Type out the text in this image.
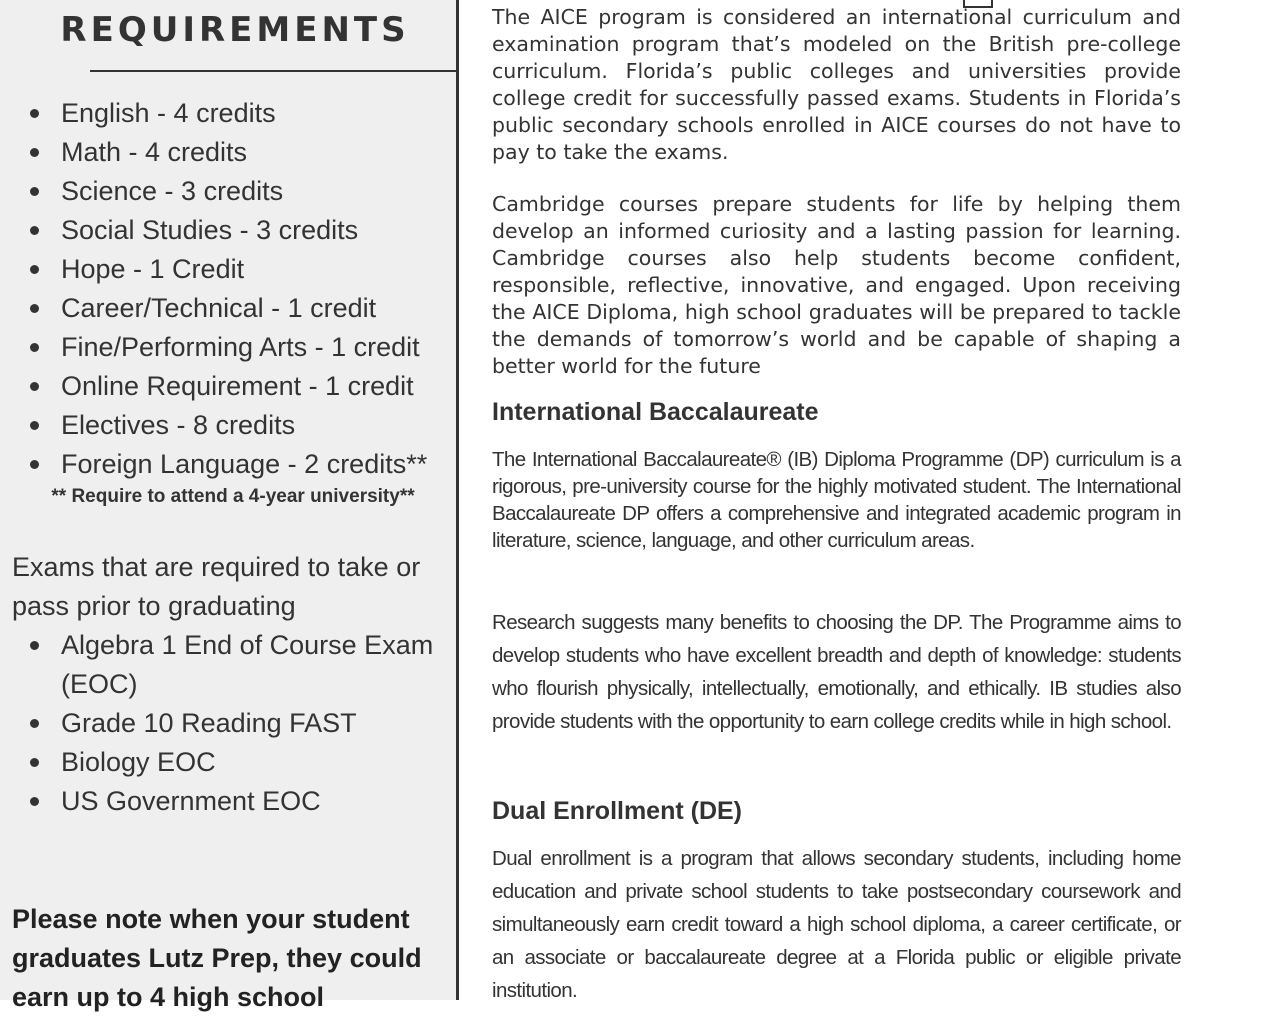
REQUIREMENTS
English - 4 credits
Math - 4 credits
Science - 3 credits
Social Studies - 3 credits
Hope - 1 Credit
Career/Technical - 1 credit
Fine/Performing Arts - 1 credit
Online Requirement - 1 credit
Electives - 8 credits
Foreign Language - 2 credits**
** Require to attend a 4-year university**
Exams that are required to take or pass prior to graduating
Algebra 1 End of Course Exam (EOC)
Grade 10 Reading FAST
Biology EOC
US Government EOC
Please note when your student graduates Lutz Prep, they could earn up to 4 high school

The AICE program is considered an international curriculum and examination program that’s modeled on the British pre-college curriculum. Florida’s public colleges and universities provide college credit for successfully passed exams. Students in Florida’s public secondary schools enrolled in AICE courses do not have to pay to take the exams.

Cambridge courses prepare students for life by helping them develop an informed curiosity and a lasting passion for learning. Cambridge courses also help students become confident, responsible, reflective, innovative, and engaged. Upon receiving the AICE Diploma, high school graduates will be prepared to tackle the demands of tomorrow’s world and be capable of shaping a better world for the future

International Baccalaureate

The International Baccalaureate® (IB) Diploma Programme (DP) curriculum is a rigorous, pre-university course for the highly motivated student. The International Baccalaureate DP offers a comprehensive and integrated academic program in literature, science, language, and other curriculum areas.

Research suggests many benefits to choosing the DP. The Programme aims to develop students who have excellent breadth and depth of knowledge: students who flourish physically, intellectually, emotionally, and ethically. IB studies also provide students with the opportunity to earn college credits while in high school.

Dual Enrollment (DE)

Dual enrollment is a program that allows secondary students, including home education and private school students to take postsecondary coursework and simultaneously earn credit toward a high school diploma, a career certificate, or an associate or baccalaureate degree at a Florida public or eligible private institution.
